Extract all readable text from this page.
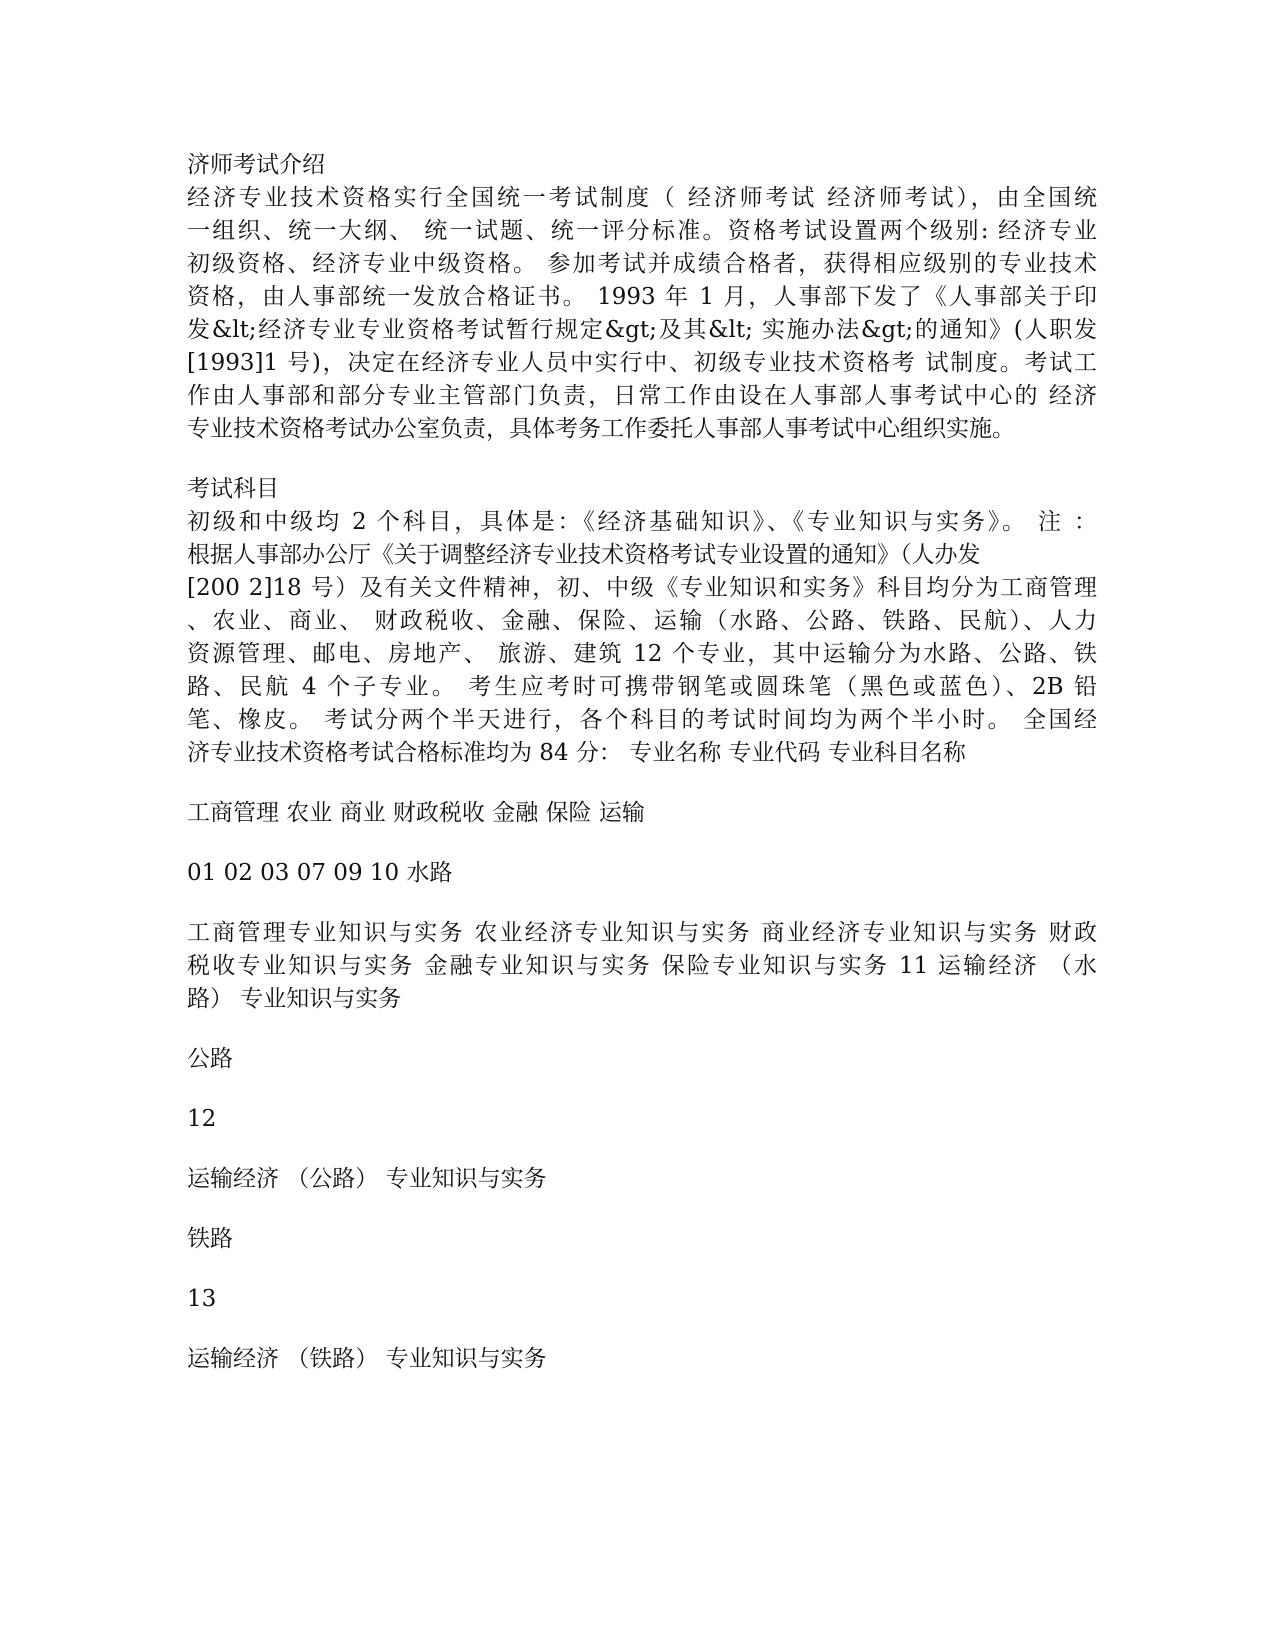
济师考试介绍
经济专业技术资格实行全国统一考试制度（ 经济师考试 经济师考试），由全国统
一组织、统一大纲、 统一试题、统一评分标准。资格考试设置两个级别: 经济专业
初级资格、经济专业中级资格。 参加考试并成绩合格者，获得相应级别的专业技术
资格，由人事部统一发放合格证书。 1993 年 1 月，人事部下发了《人事部关于印
发&lt;经济专业专业资格考试暂行规定&gt;及其&lt; 实施办法&gt;的通知》(人职发
[1993]1 号)，决定在经济专业人员中实行中、初级专业技术资格考 试制度。考试工
作由人事部和部分专业主管部门负责，日常工作由设在人事部人事考试中心的 经济
专业技术资格考试办公室负责，具体考务工作委托人事部人事考试中心组织实施。
考试科目
初级和中级均 2 个科目，具体是：《经济基础知识》、《专业知识与实务》。 注 ：
根据人事部办公厅《关于调整经济专业技术资格考试专业设置的通知》（人办发
[200 2]18 号）及有关文件精神，初、中级《专业知识和实务》科目均分为工商管理
、农业、商业、 财政税收、金融、保险、运输（水路、公路、铁路、民航）、人力
资源管理、邮电、房地产、 旅游、建筑 12 个专业，其中运输分为水路、公路、铁
路、民航 4 个子专业。 考生应考时可携带钢笔或圆珠笔（黑色或蓝色）、2B 铅
笔、橡皮。 考试分两个半天进行，各个科目的考试时间均为两个半小时。 全国经
济专业技术资格考试合格标准均为 84 分： 专业名称 专业代码 专业科目名称
工商管理 农业 商业 财政税收 金融 保险 运输
01 02 03 07 09 10 水路
工商管理专业知识与实务 农业经济专业知识与实务 商业经济专业知识与实务 财政
税收专业知识与实务 金融专业知识与实务 保险专业知识与实务 11 运输经济 （水
路） 专业知识与实务
公路
12
运输经济 （公路） 专业知识与实务
铁路
13
运输经济 （铁路） 专业知识与实务
